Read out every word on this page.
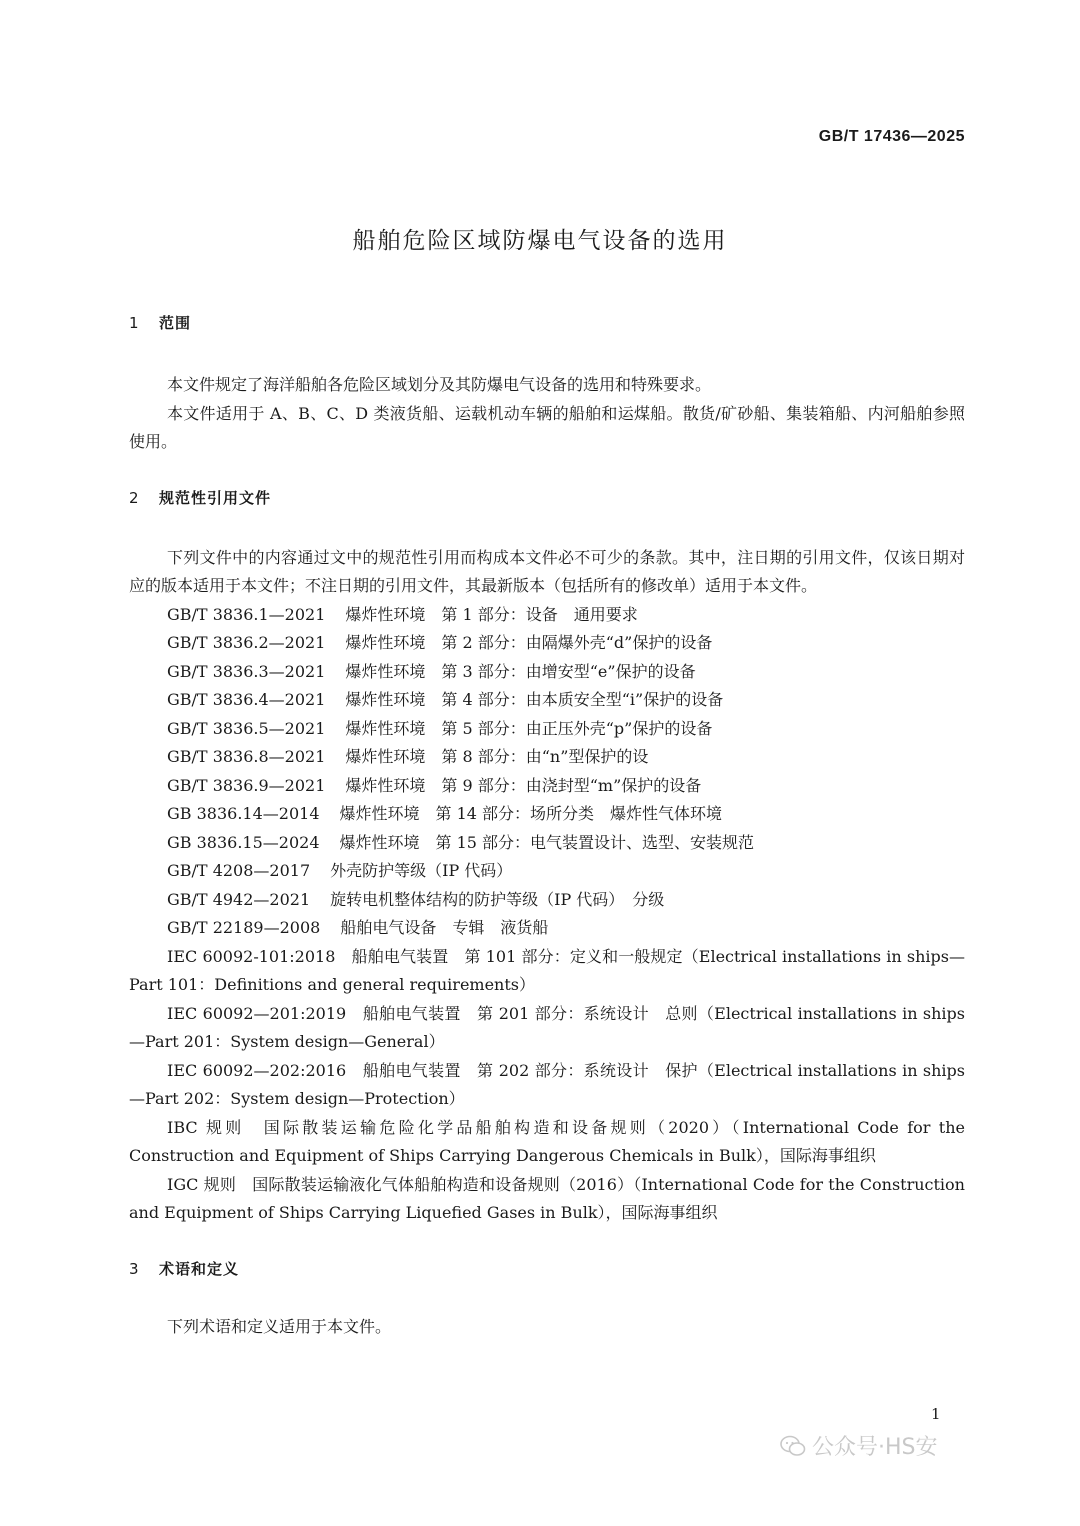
GB/T 17436—2025
船舶危险区域防爆电气设备的选用
1 范围

本文件规定了海洋船舶各危险区域划分及其防爆电气设备的选用和特殊要求。

本文件适用于 A、B、C、D 类液货船、运载机动车辆的船舶和运煤船。散货/矿砂船、集装箱船、内河船舶参照使用。

2 规范性引用文件

下列文件中的内容通过文中的规范性引用而构成本文件必不可少的条款。其中，注日期的引用文件，仅该日期对应的版本适用于本文件；不注日期的引用文件，其最新版本（包括所有的修改单）适用于本文件。

GB/T 3836.1—2021 爆炸性环境　第 1 部分：设备　通用要求
GB/T 3836.2—2021 爆炸性环境　第 2 部分：由隔爆外壳“d”保护的设备
GB/T 3836.3—2021 爆炸性环境　第 3 部分：由增安型“e”保护的设备
GB/T 3836.4—2021 爆炸性环境　第 4 部分：由本质安全型“i”保护的设备
GB/T 3836.5—2021 爆炸性环境　第 5 部分：由正压外壳“p”保护的设备
GB/T 3836.8—2021 爆炸性环境　第 8 部分：由“n”型保护的设
GB/T 3836.9—2021 爆炸性环境　第 9 部分：由浇封型“m”保护的设备
GB 3836.14—2014 爆炸性环境　第 14 部分：场所分类　爆炸性气体环境
GB 3836.15—2024 爆炸性环境　第 15 部分：电气装置设计、选型、安装规范
GB/T 4208—2017 外壳防护等级（IP 代码）
GB/T 4942—2021 旋转电机整体结构的防护等级（IP 代码）　分级
GB/T 22189—2008 船舶电气设备　专辑　液货船

IEC 60092-101:2018　船舶电气装置　第 101 部分：定义和一般规定（Electrical installations in ships—Part 101：Definitions and general requirements）

IEC 60092—201:2019　船舶电气装置　第 201 部分：系统设计　总则（Electrical installations in ships—Part 201：System design—General）

IEC 60092—202:2016　船舶电气装置　第 202 部分：系统设计　保护（Electrical installations in ships—Part 202：System design—Protection）

IBC 规则　国际散装运输危险化学品船舶构造和设备规则（2020）（International Code for the Construction and Equipment of Ships Carrying Dangerous Chemicals in Bulk），国际海事组织

IGC 规则　国际散装运输液化气体船舶构造和设备规则（2016）（International Code for the Construction and Equipment of Ships Carrying Liquefied Gases in Bulk），国际海事组织

3 术语和定义

下列术语和定义适用于本文件。

1
公众号·HS安
